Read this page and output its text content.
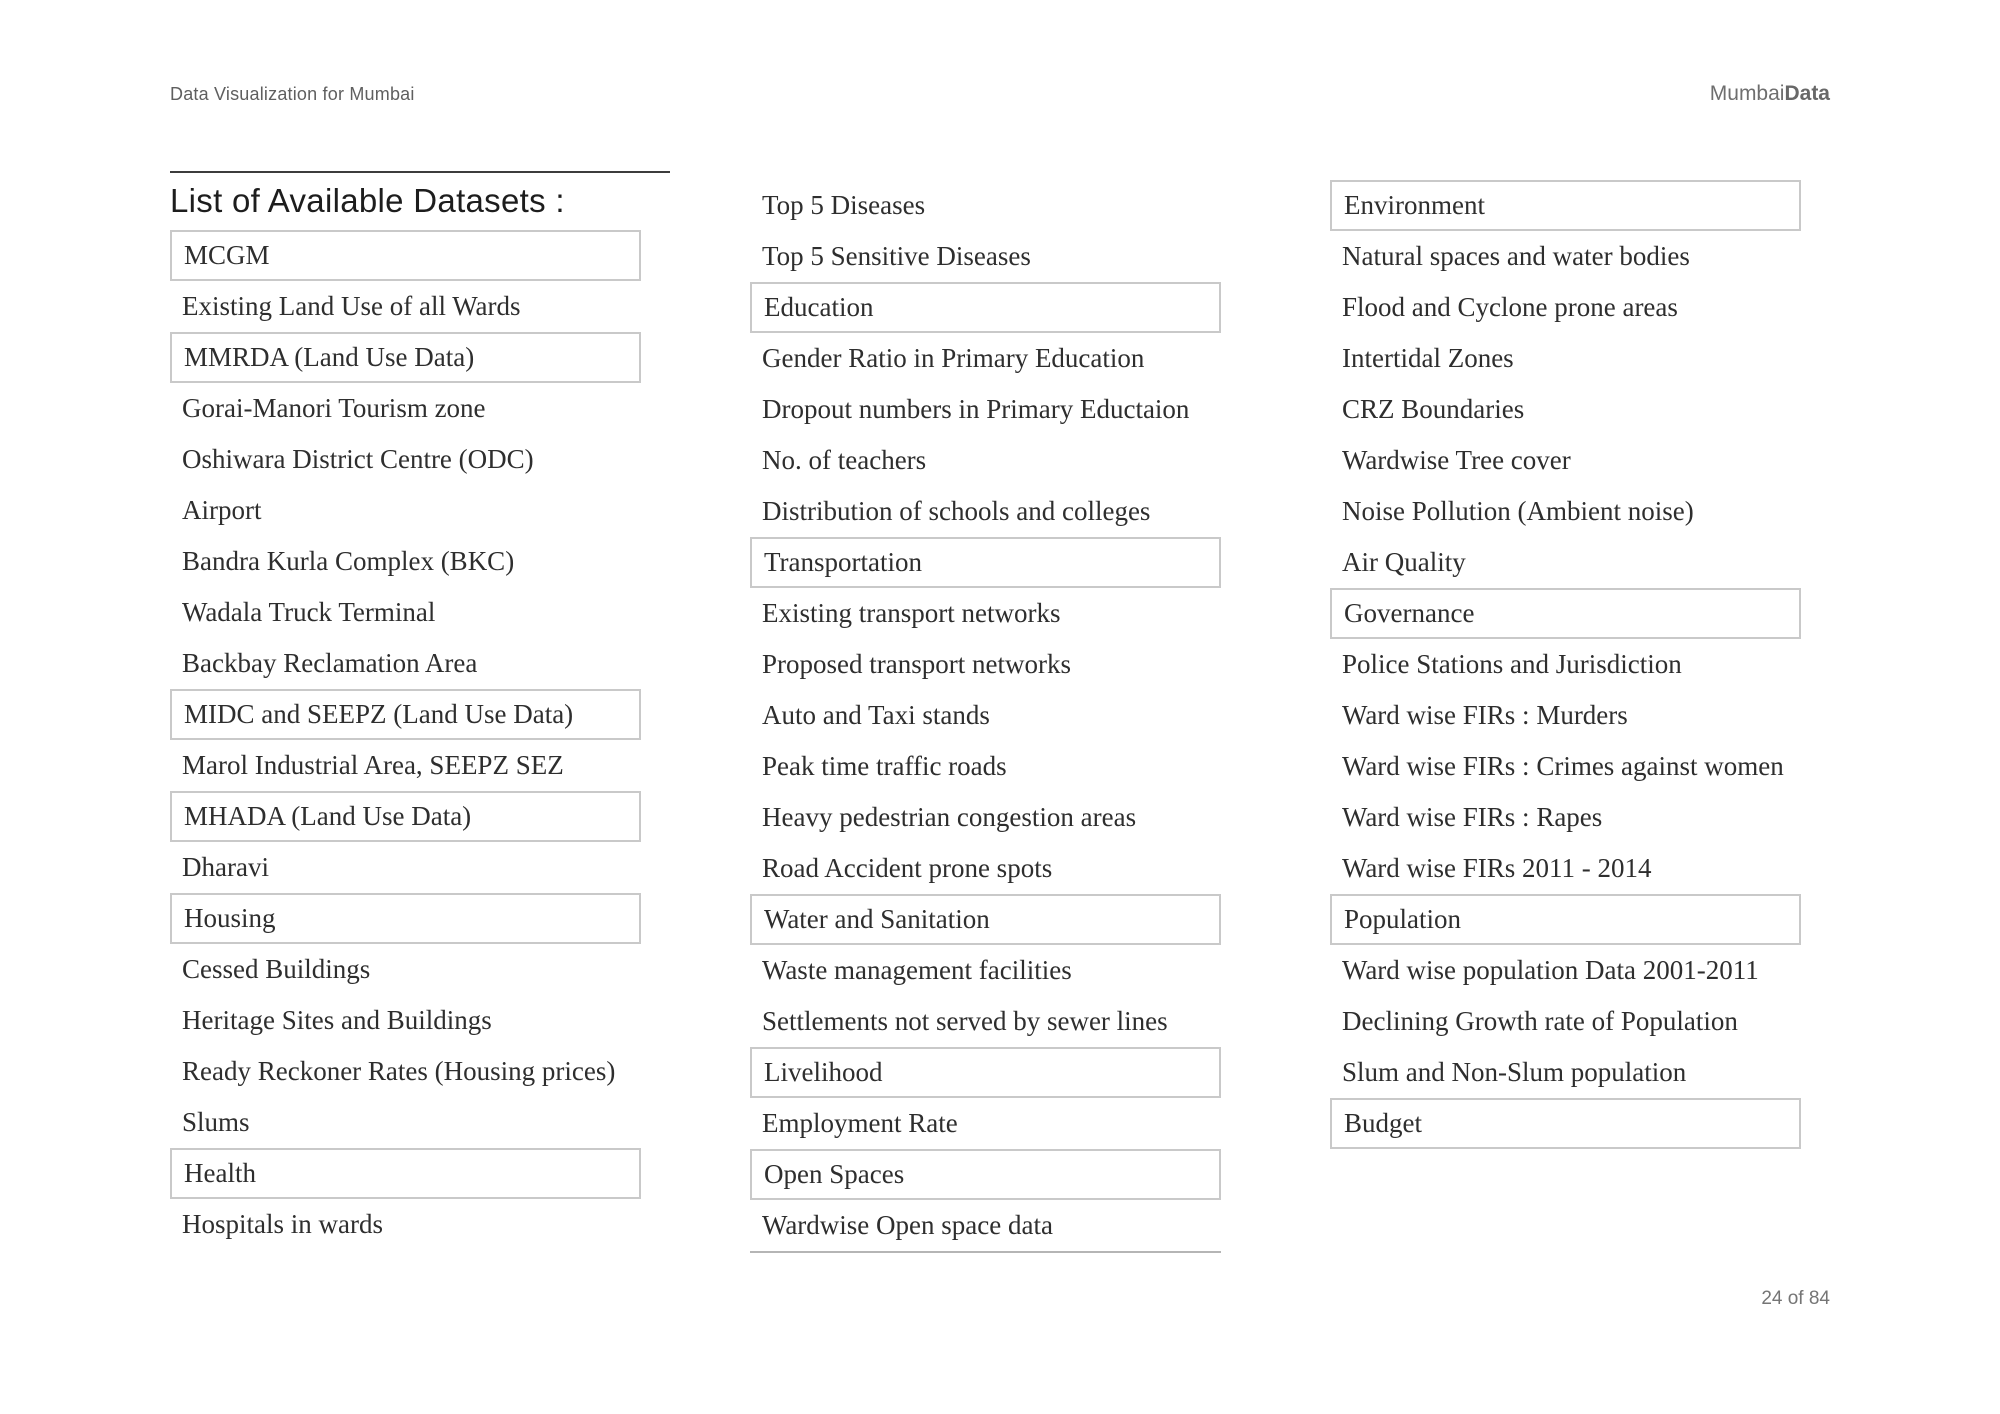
Data Visualization for Mumbai	MumbaiData
List of Available Datasets :
MCGM
Existing Land Use of all Wards
MMRDA (Land Use Data)
Gorai-Manori Tourism zone
Oshiwara District Centre (ODC)
Airport
Bandra Kurla Complex (BKC)
Wadala Truck Terminal
Backbay Reclamation Area
MIDC and SEEPZ (Land Use Data)
Marol Industrial Area, SEEPZ SEZ
MHADA (Land Use Data)
Dharavi
Housing
Cessed Buildings
Heritage Sites and Buildings
Ready Reckoner Rates (Housing prices)
Slums
Health
Hospitals in wards
Top 5 Diseases
Top 5 Sensitive Diseases
Education
Gender Ratio in Primary Education
Dropout numbers in Primary Eductaion
No. of teachers
Distribution of schools and colleges
Transportation
Existing transport networks
Proposed transport networks
Auto and Taxi stands
Peak time traffic roads
Heavy pedestrian congestion areas
Road Accident prone spots
Water and Sanitation
Waste management facilities
Settlements not served by sewer lines
Livelihood
Employment Rate
Open Spaces
Wardwise Open space data
Environment
Natural spaces and water bodies
Flood and Cyclone prone areas
Intertidal Zones
CRZ Boundaries
Wardwise Tree cover
Noise Pollution (Ambient noise)
Air Quality
Governance
Police Stations and Jurisdiction
Ward wise FIRs : Murders
Ward wise FIRs : Crimes against women
Ward wise FIRs : Rapes
Ward wise FIRs 2011 - 2014
Population
Ward wise population Data 2001-2011
Declining Growth rate of Population
Slum and Non-Slum population
Budget
24 of 84
